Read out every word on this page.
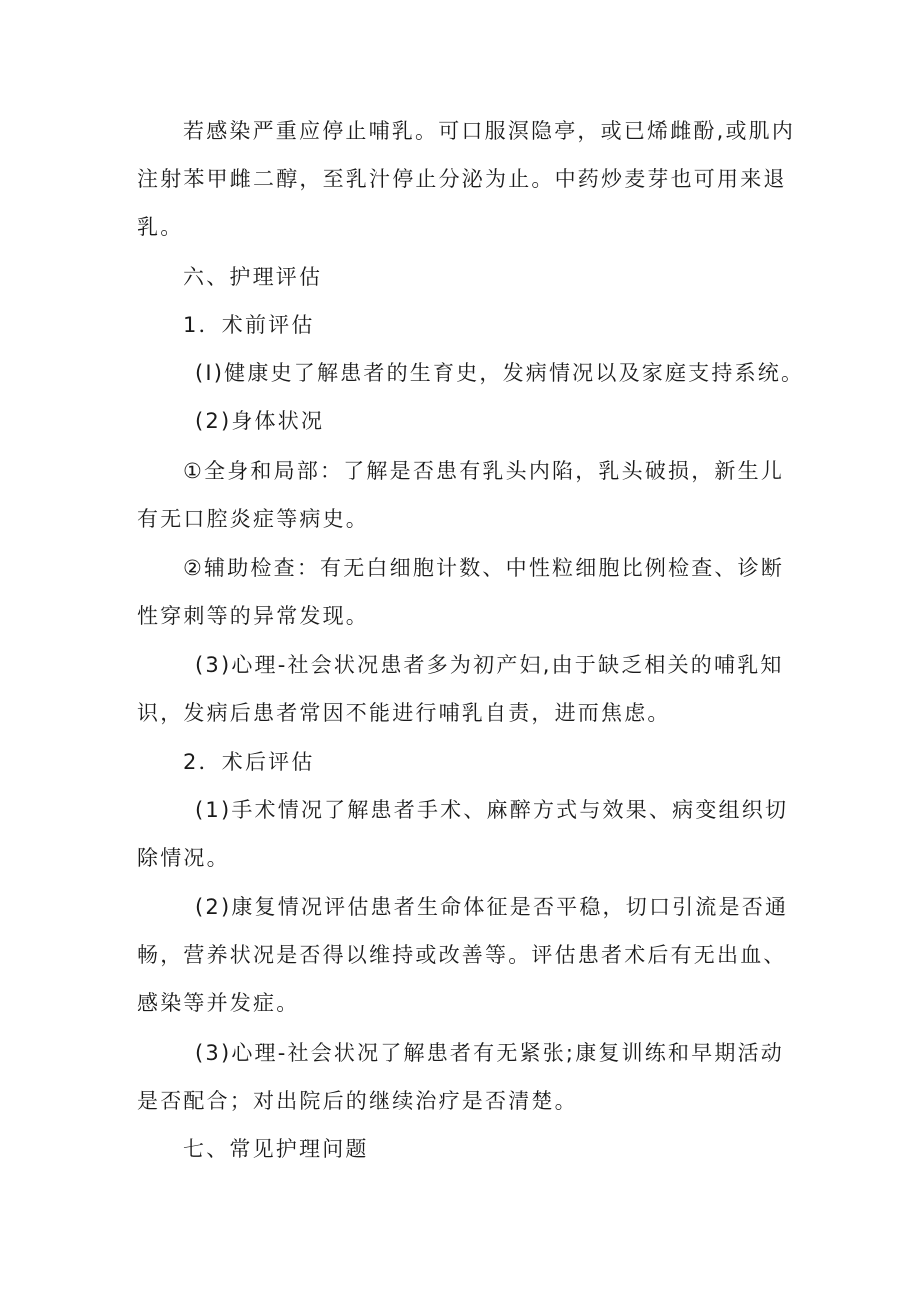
若感染严重应停止哺乳。可口服溟隐亭，或已烯雌酚,或肌内
注射苯甲雌二醇，至乳汁停止分泌为止。中药炒麦芽也可用来退
乳。
六、护理评估
1．术前评估
(I)健康史了解患者的生育史，发病情况以及家庭支持系统。
(2)身体状况
①全身和局部：了解是否患有乳头内陷，乳头破损，新生儿
有无口腔炎症等病史。
②辅助检查：有无白细胞计数、中性粒细胞比例检查、诊断
性穿刺等的异常发现。
(3)心理-社会状况患者多为初产妇,由于缺乏相关的哺乳知
识，发病后患者常因不能进行哺乳自责，进而焦虑。
2．术后评估
(1)手术情况了解患者手术、麻醉方式与效果、病变组织切
除情况。
(2)康复情况评估患者生命体征是否平稳，切口引流是否通
畅，营养状况是否得以维持或改善等。评估患者术后有无出血、
感染等并发症。
(3)心理-社会状况了解患者有无紧张;康复训练和早期活动
是否配合；对出院后的继续治疗是否清楚。
七、常见护理问题
